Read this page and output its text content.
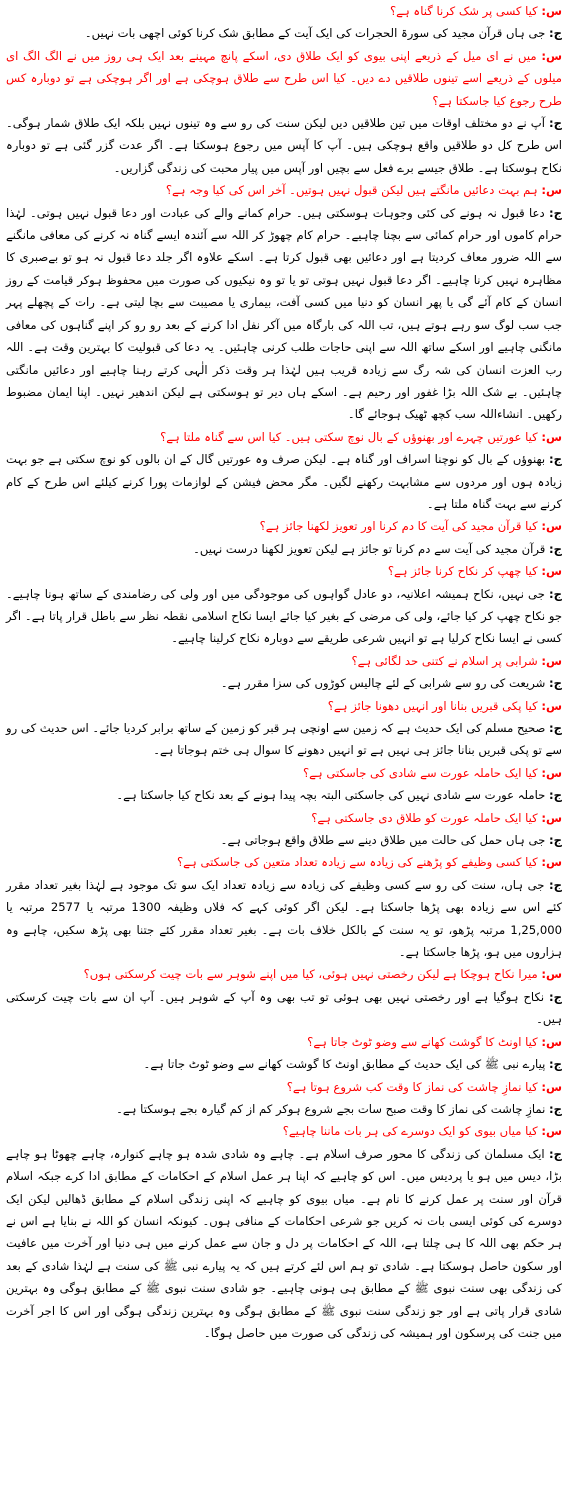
س: کیا کسی پر شک کرنا گناہ ہے؟

ج: جی ہاں قرآن مجید کی سورۃ الحجرات کی ایک آیت کے مطابق شک کرنا کوئی اچھی بات نہیں۔

س: میں نے ای میل کے ذریعے اپنی بیوی کو ایک طلاق دی، اسکے پانچ مہینے بعد ایک ہی روز میں نے الگ الگ ای میلوں کے ذریعے اسے تینوں طلاقیں دے دیں۔ کیا اس طرح سے طلاق ہوچکی ہے اور اگر ہوچکی ہے تو دوبارہ کس طرح رجوع کیا جاسکتا ہے؟

ج: آپ نے دو مختلف اوقات میں تین طلاقیں دیں لیکن سنت کی رو سے وہ تینوں نہیں بلکہ ایک طلاق شمار ہوگی۔ اس طرح کل دو طلاقیں واقع ہوچکی ہیں۔ آپ کا آپس میں رجوع ہوسکتا ہے۔ اگر عدت گزر گئی ہے تو دوبارہ نکاح ہوسکتا ہے۔ طلاق جیسے برے فعل سے بچیں اور آپس میں پیار محبت کی زندگی گزاریں۔

س: ہم بہت دعائیں مانگتے ہیں لیکن قبول نہیں ہوتیں۔ آخر اس کی کیا وجہ ہے؟

ج: دعا قبول نہ ہونے کی کئی وجوہات ہوسکتی ہیں۔ حرام کمانے والے کی عبادت اور دعا قبول نہیں ہوتی۔ لہٰذا حرام کاموں اور حرام کمائی سے بچنا چاہیے۔ حرام کام چھوڑ کر اللہ سے آئندہ ایسے گناہ نہ کرنے کی معافی مانگنے سے اللہ ضرور معاف کردیتا ہے اور دعائیں بھی قبول کرتا ہے۔ اسکے علاوہ اگر جلد دعا قبول نہ ہو تو بےصبری کا مظاہرہ نہیں کرنا چاہیے۔ اگر دعا قبول نہیں ہوتی تو یا تو وہ نیکیوں کی صورت میں محفوظ ہوکر قیامت کے روز انسان کے کام آئے گی یا پھر انسان کو دنیا میں کسی آفت، بیماری یا مصیبت سے بچا لیتی ہے۔ رات کے پچھلے پہر جب سب لوگ سو رہے ہوتے ہیں، تب اللہ کی بارگاہ میں آکر نفل ادا کرنے کے بعد رو رو کر اپنے گناہوں کی معافی مانگنی چاہیے اور اسکے ساتھ اللہ سے اپنی حاجات طلب کرنی چاہئیں۔ یہ دعا کی قبولیت کا بہترین وقت ہے۔ اللہ رب العزت انسان کی شہ رگ سے زیادہ قریب ہیں لہٰذا ہر وقت ذکر الٰہی کرتے رہنا چاہیے اور دعائیں مانگتی چاہئیں۔ بے شک اللہ بڑا غفور اور رحیم ہے۔ اسکے ہاں دیر تو ہوسکتی ہے لیکن اندھیر نہیں۔ اپنا ایمان مضبوط رکھیں۔ انشاءاللہ سب کچھ ٹھیک ہوجائے گا۔

س: کیا عورتیں چہرے اور بھنوؤں کے بال نوچ سکتی ہیں۔ کیا اس سے گناہ ملتا ہے؟

ج: بھنوؤں کے بال کو نوچنا اسراف اور گناہ ہے۔ لیکن صرف وہ عورتیں گال کے ان بالوں کو نوچ سکتی ہے جو بہت زیادہ ہوں اور مردوں سے مشابہت رکھنے لگیں۔ مگر محض فیشن کے لوازمات پورا کرنے کیلئے اس طرح کے کام کرنے سے بہت گناہ ملتا ہے۔

س: کیا قرآن مجید کی آیت کا دم کرنا اور تعویز لکھنا جائز ہے؟

ج: قرآن مجید کی آیت سے دم کرنا تو جائز ہے لیکن تعویز لکھنا درست نہیں۔

س: کیا چھپ کر نکاح کرنا جائز ہے؟

ج: جی نہیں، نکاح ہمیشہ اعلانیہ، دو عادل گواہوں کی موجودگی میں اور ولی کی رضامندی کے ساتھ ہونا چاہیے۔ جو نکاح چھپ کر کیا جائے، ولی کی مرضی کے بغیر کیا جائے ایسا نکاح اسلامی نقطہ نظر سے باطل قرار پاتا ہے۔ اگر کسی نے ایسا نکاح کرلیا ہے تو انہیں شرعی طریقے سے دوبارہ نکاح کرلینا چاہیے۔

س: شرابی پر اسلام نے کتنی حد لگائی ہے؟

ج: شریعت کی رو سے شرابی کے لئے چالیس کوڑوں کی سزا مقرر ہے۔

س: کیا پکی قبریں بنانا اور انہیں دھونا جائز ہے؟

ج: صحیح مسلم کی ایک حدیث ہے کہ زمین سے اونچی ہر قبر کو زمین کے ساتھ برابر کردیا جائے۔ اس حدیث کی رو سے تو پکی قبریں بنانا جائز ہی نہیں ہے تو انہیں دھونے کا سوال ہی ختم ہوجاتا ہے۔

س: کیا ایک حاملہ عورت سے شادی کی جاسکتی ہے؟

ج: حاملہ عورت سے شادی نہیں کی جاسکتی البتہ بچہ پیدا ہونے کے بعد نکاح کیا جاسکتا ہے۔

س: کیا ایک حاملہ عورت کو طلاق دی جاسکتی ہے؟

ج: جی ہاں حمل کی حالت میں طلاق دینے سے طلاق واقع ہوجاتی ہے۔

س: کیا کسی وظیفے کو پڑھنے کی زیادہ سے زیادہ تعداد متعین کی جاسکتی ہے؟

ج: جی ہاں، سنت کی رو سے کسی وظیفے کی زیادہ سے زیادہ تعداد ایک سو تک موجود ہے لہٰذا بغیر تعداد مقرر کئے اس سے زیادہ بھی پڑھا جاسکتا ہے۔ لیکن اگر کوئی کہے کہ فلاں وظیفہ 1300 مرتبہ یا 2577 مرتبہ یا 1,25,000 مرتبہ پڑھو، تو یہ سنت کے بالکل خلاف بات ہے۔ بغیر تعداد مقرر کئے جتنا بھی پڑھ سکیں، چاہے وہ ہزاروں میں ہو، پڑھا جاسکتا ہے۔

س: میرا نکاح ہوچکا ہے لیکن رخصتی نہیں ہوئی، کیا میں اپنے شوہر سے بات چیت کرسکتی ہوں؟

ج: نکاح ہوگیا ہے اور رخصتی نہیں بھی ہوئی تو تب بھی وہ آپ کے شوہر ہیں۔ آپ ان سے بات چیت کرسکتی ہیں۔

س: کیا اونٹ کا گوشت کھانے سے وضو ٹوٹ جاتا ہے؟

ج: پیارے نبی ﷺ کی ایک حدیث کے مطابق اونٹ کا گوشت کھانے سے وضو ٹوٹ جاتا ہے۔

س: کیا نمازِ چاشت کی نماز کا وقت کب شروع ہوتا ہے؟

ج: نمازِ چاشت کی نماز کا وقت صبح سات بجے شروع ہوکر کم از کم گیارہ بجے ہوسکتا ہے۔

س: کیا میاں بیوی کو ایک دوسرے کی ہر بات ماننا چاہیے؟

ج: ایک مسلمان کی زندگی کا محور صرف اسلام ہے۔ چاہے وہ شادی شدہ ہو چاہے کنوارہ، چاہے چھوٹا ہو چاہے بڑا، دیس میں ہو یا پردیس میں۔ اس کو چاہیے کہ اپنا ہر عمل اسلام کے احکامات کے مطابق ادا کرے جبکہ اسلام قرآن اور سنت پر عمل کرنے کا نام ہے۔ میاں بیوی کو چاہیے کہ اپنی زندگی اسلام کے مطابق ڈھالیں لیکن ایک دوسرے کی کوئی ایسی بات نہ کریں جو شرعی احکامات کے منافی ہوں۔ کیونکہ انسان کو اللہ نے بنایا ہے اس نے ہر حکم بھی اللہ کا ہی چلتا ہے، اللہ کے احکامات پر دل و جان سے عمل کرنے میں ہی دنیا اور آخرت میں عافیت اور سکون حاصل ہوسکتا ہے۔ شادی تو ہم اس لئے کرتے ہیں کہ یہ پیارے نبی ﷺ کی سنت ہے لہٰذا شادی کے بعد کی زندگی بھی سنت نبوی ﷺ کے مطابق ہی ہونی چاہیے۔ جو شادی سنت نبوی ﷺ کے مطابق ہوگی وہ بہترین شادی قرار پاتی ہے اور جو زندگی سنت نبوی ﷺ کے مطابق ہوگی وہ بہترین زندگی ہوگی اور اس کا اجر آخرت میں جنت کی پرسکون اور ہمیشہ کی زندگی کی صورت میں حاصل ہوگا۔
